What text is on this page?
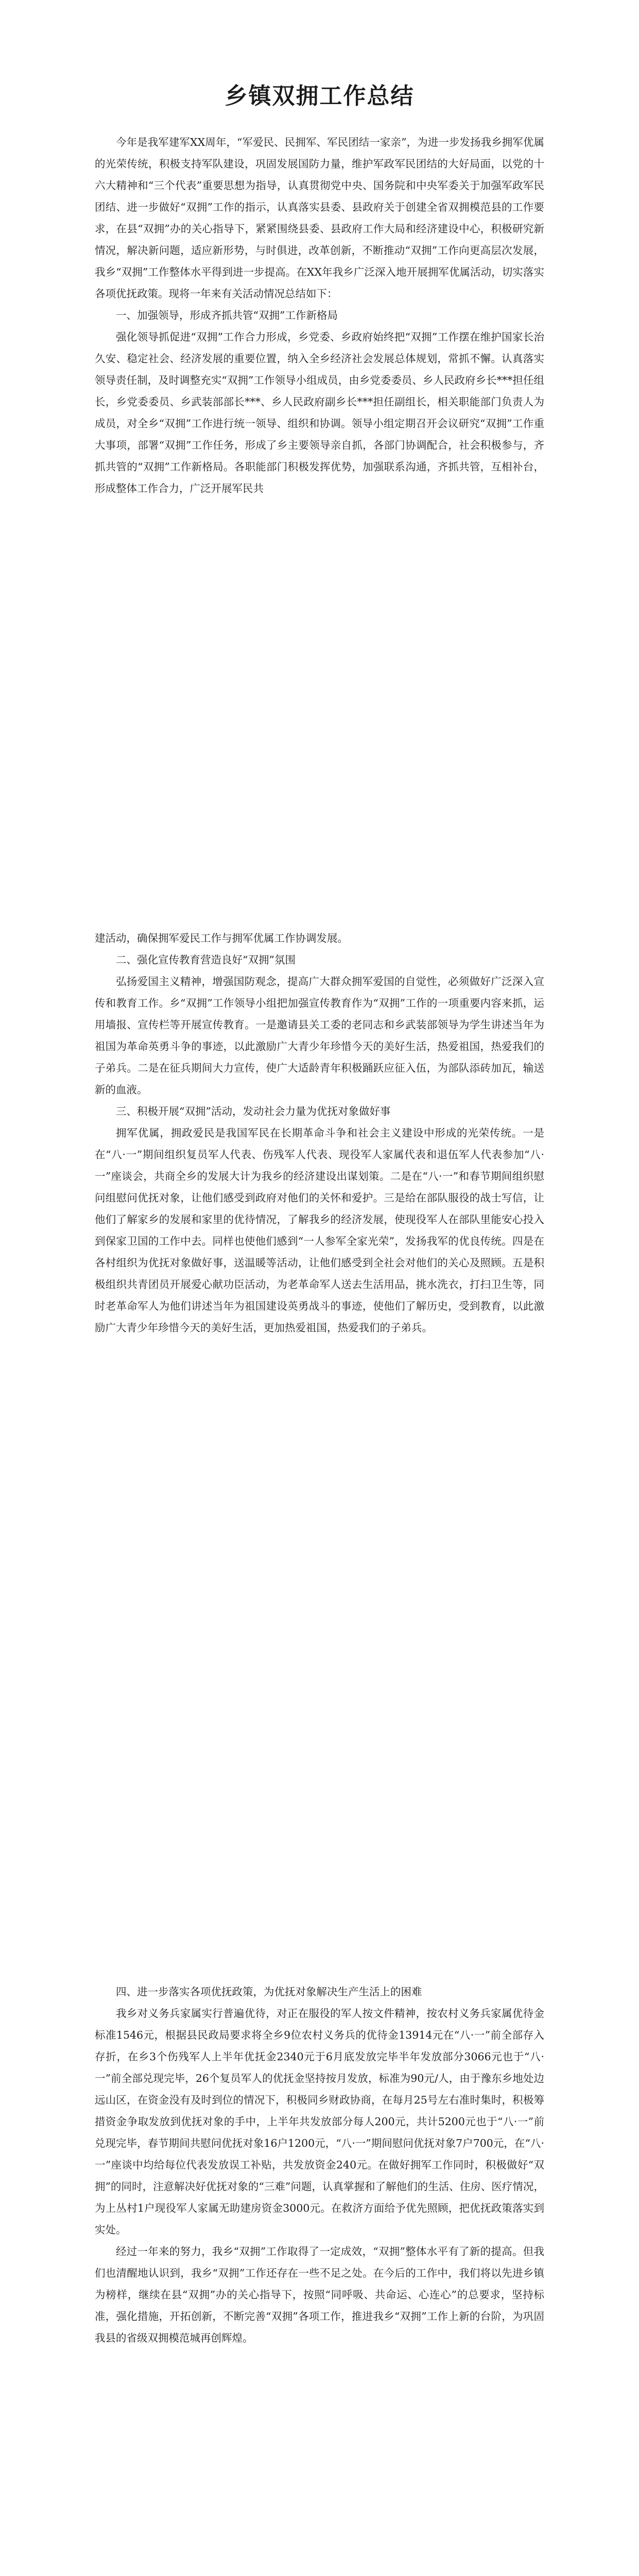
乡镇双拥工作总结

今年是我军建军XX周年，“军爱民、民拥军、军民团结一家亲”，为进一步发扬我乡拥军优属的光荣传统，积极支持军队建设，巩固发展国防力量，维护军政军民团结的大好局面，以党的十六大精神和“三个代表”重要思想为指导，认真贯彻党中央、国务院和中央军委关于加强军政军民团结、进一步做好“双拥”工作的指示，认真落实县委、县政府关于创建全省双拥模范县的工作要求，在县“双拥”办的关心指导下，紧紧围绕县委、县政府工作大局和经济建设中心，积极研究新情况，解决新问题，适应新形势，与时俱进，改革创新，不断推动“双拥”工作向更高层次发展，我乡“双拥”工作整体水平得到进一步提高。在XX年我乡广泛深入地开展拥军优属活动，切实落实各项优抚政策。现将一年来有关活动情况总结如下：

一、加强领导，形成齐抓共管“双拥”工作新格局

强化领导抓促进“双拥”工作合力形成，乡党委、乡政府始终把“双拥”工作摆在维护国家长治久安、稳定社会、经济发展的重要位置，纳入全乡经济社会发展总体规划，常抓不懈。认真落实领导责任制，及时调整充实“双拥”工作领导小组成员，由乡党委委员、乡人民政府乡长***担任组长，乡党委委员、乡武装部部长***、乡人民政府副乡长***担任副组长，相关职能部门负责人为成员，对全乡“双拥”工作进行统一领导、组织和协调。领导小组定期召开会议研究“双拥”工作重大事项，部署“双拥”工作任务，形成了乡主要领导亲自抓，各部门协调配合，社会积极参与，齐抓共管的“双拥”工作新格局。各职能部门积极发挥优势，加强联系沟通，齐抓共管，互相补台，形成整体工作合力，广泛开展军民共

建活动，确保拥军爱民工作与拥军优属工作协调发展。

二、强化宣传教育营造良好“双拥”氛围

弘扬爱国主义精神，增强国防观念，提高广大群众拥军爱国的自觉性，必须做好广泛深入宣传和教育工作。乡“双拥”工作领导小组把加强宣传教育作为“双拥”工作的一项重要内容来抓，运用墙报、宣传栏等开展宣传教育。一是邀请县关工委的老同志和乡武装部领导为学生讲述当年为祖国为革命英勇斗争的事迹，以此激励广大青少年珍惜今天的美好生活，热爱祖国，热爱我们的子弟兵。二是在征兵期间大力宣传，使广大适龄青年积极踊跃应征入伍，为部队添砖加瓦，输送新的血液。

三、积极开展“双拥”活动，发动社会力量为优抚对象做好事

拥军优属，拥政爱民是我国军民在长期革命斗争和社会主义建设中形成的光荣传统。一是在“八·一”期间组织复员军人代表、伤残军人代表、现役军人家属代表和退伍军人代表参加“八·一”座谈会，共商全乡的发展大计为我乡的经济建设出谋划策。二是在“八·一”和春节期间组织慰问组慰问优抚对象，让他们感受到政府对他们的关怀和爱护。三是给在部队服役的战士写信，让他们了解家乡的发展和家里的优待情况，了解我乡的经济发展，使现役军人在部队里能安心投入到保家卫国的工作中去。同样也使他们感到“一人参军全家光荣”，发扬我军的优良传统。四是在各村组织为优抚对象做好事，送温暖等活动，让他们感受到全社会对他们的关心及照顾。五是积极组织共青团员开展爱心献功臣活动，为老革命军人送去生活用品，挑水洗衣，打扫卫生等，同时老革命军人为他们讲述当年为祖国建设英勇战斗的事迹，使他们了解历史，受到教育，以此激励广大青少年珍惜今天的美好生活，更加热爱祖国，热爱我们的子弟兵。

四、进一步落实各项优抚政策，为优抚对象解决生产生活上的困难

我乡对义务兵家属实行普遍优待，对正在服役的军人按文件精神，按农村义务兵家属优待金标准1546元，根据县民政局要求将全乡9位农村义务兵的优待金13914元在“八·一”前全部存入存折，在乡3个伤残军人上半年优抚金2340元于6月底发放完毕半年发放部分3066元也于“八·一”前全部兑现完毕，26个复员军人的优抚金坚持按月发放，标准为90元/人，由于豫东乡地处边远山区，在资金没有及时到位的情况下，积极同乡财政协商，在每月25号左右准时集时，积极筹措资金争取发放到优抚对象的手中，上半年共发放部分每人200元，共计5200元也于“八·一”前兑现完毕，春节期间共慰问优抚对象16户1200元，“八·一”期间慰问优抚对象7户700元，在“八·一”座谈中均给每位代表发放误工补贴，共发放资金240元。在做好拥军工作同时，积极做好“双拥”的同时，注意解决好优抚对象的“三难”问题，认真掌握和了解他们的生活、住房、医疗情况，为上丛村1户现役军人家属无助建房资金3000元。在救济方面给予优先照顾，把优抚政策落实到实处。

经过一年来的努力，我乡“双拥”工作取得了一定成效，“双拥”整体水平有了新的提高。但我们也清醒地认识到，我乡“双拥”工作还存在一些不足之处。在今后的工作中，我们将以先进乡镇为榜样，继续在县“双拥”办的关心指导下，按照“同呼吸、共命运、心连心”的总要求，坚持标准，强化措施，开拓创新，不断完善“双拥”各项工作，推进我乡“双拥”工作上新的台阶，为巩固我县的省级双拥模范城再创辉煌。
